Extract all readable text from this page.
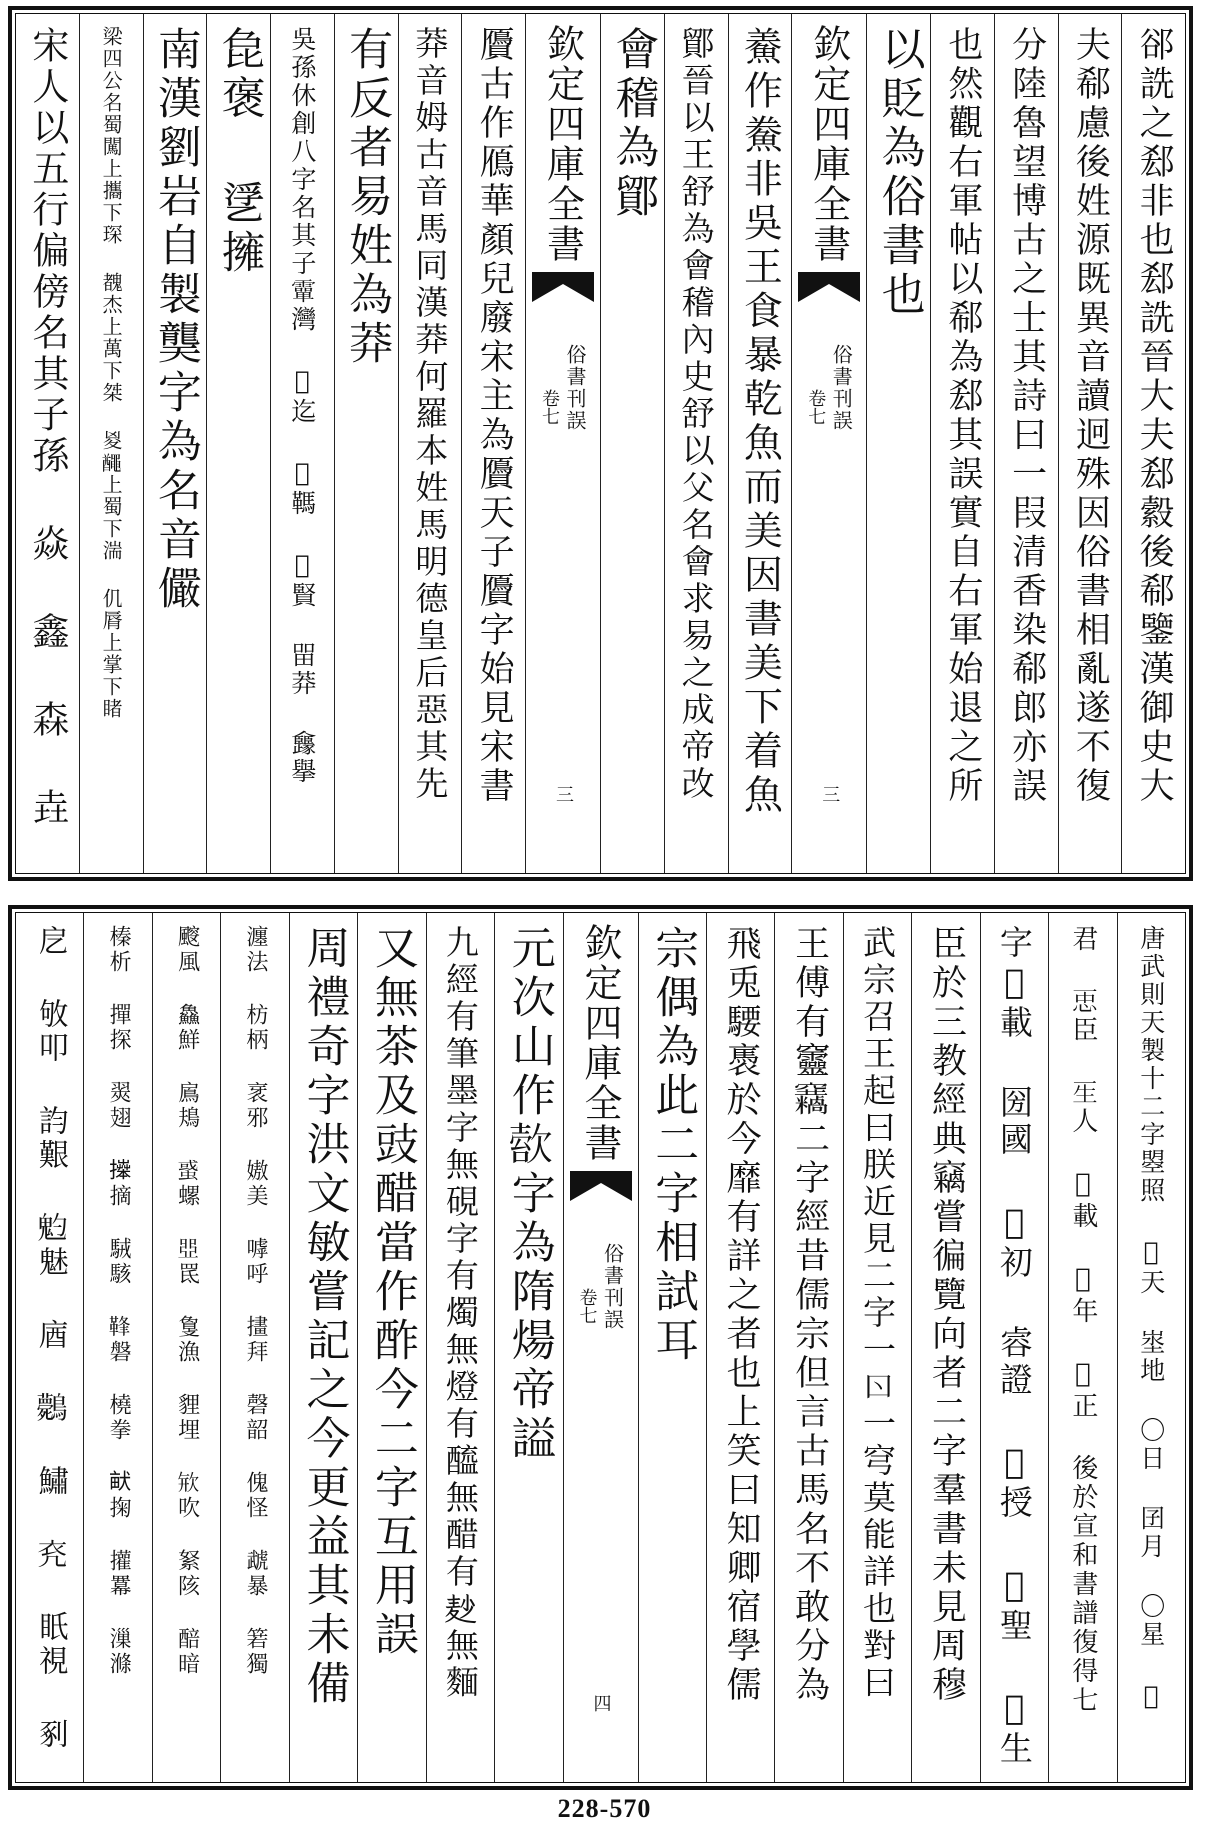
郤詵之郄非也郄詵晉大夫郄縠後郗鑒漢御史大
夫郗慮後姓源既異音讀迥殊因俗書相亂遂不復
分陸魯望博古之士其詩曰一叚清香染郗郎亦誤
也然觀右軍帖以郗為郄其誤實自右軍始退之所
以貶為俗書也
欽定四庫全書
俗書刊誤
卷七
三
鯗作鮝非吳王食暴乾魚而美因書美下着魚
鄮晉以王舒為會稽內史舒以父名會求易之成帝改
會稽為鄮
欽定四庫全書
俗書刊誤
卷七
三
贗古作鴈華顏兒廢宋主為贗天子贗字始見宋書
莽音姆古音馬同漢莽何羅本姓馬明德皇后惡其先
有反者易姓為莽
吳孫休創八字名其子𩅦灣 𠾘迄 𥦖䩻 𧰟賢 㽞莽 㒪擧
㲋褒 㐢擁
南漢劉岩自製龑字為名音儼
梁四公名蜀闖上攜下琛 䰩杰上萬下桀 㚇𪓰上蜀下湍 仉脣上掌下睹
宋人以五行偏傍名其子孫 焱 鑫 森 垚
唐武則天製十二字曌照 𠁈天 埊地 〇日 囝月 〇星 𡆠
君 𢘑臣 𤯔人 𡕀載 𠡦年 𠀑正 後於宣和書譜復得七
字𠁈載 圀國 𠠓初 䜭證 𤯔授 𤯔聖 𤯔生
臣於三教經典竊嘗徧覽向者二字羣書未見周穆
武宗召王起曰朕近見二字一𠮚一穹莫能詳也對曰
王傅有𥩔𥩓二字經昔儒宗但言古馬名不敢分為
飛兎騕褭於今靡有詳之者也上笑曰知卿宿學儒
宗偶為此二字相試耳
欽定四庫全書
俗書刊誤
卷七
四
元次山作𣣿字為隋煬帝謚
九經有筆墨字無硯字有燭無燈有醯無醋有𪎊無麵
又無茶及豉醋當作酢今二字互用誤
周禮奇字洪文敏嘗記之今更益其未備
瀍法 枋柄 衺邪 㜜美 嘑呼 㩇拜 磬韶 傀怪 虣暴 箬獨
䬒風 鱻鮮 鳸鳺 𧌒螺 𠁁䍕 𢿌漁 貍埋 𣢴吹 䋈陔 醅暗
榛析 撣探 翜翅 𢷎摘 駥駭 𩊩磐 橈拳 𤱶掬 㩲羃 漅滌
戹 敂叩 𧥺艱 𩲃魅 庮 𪈘 鱐 𧘊 眂視 剢
228-570
